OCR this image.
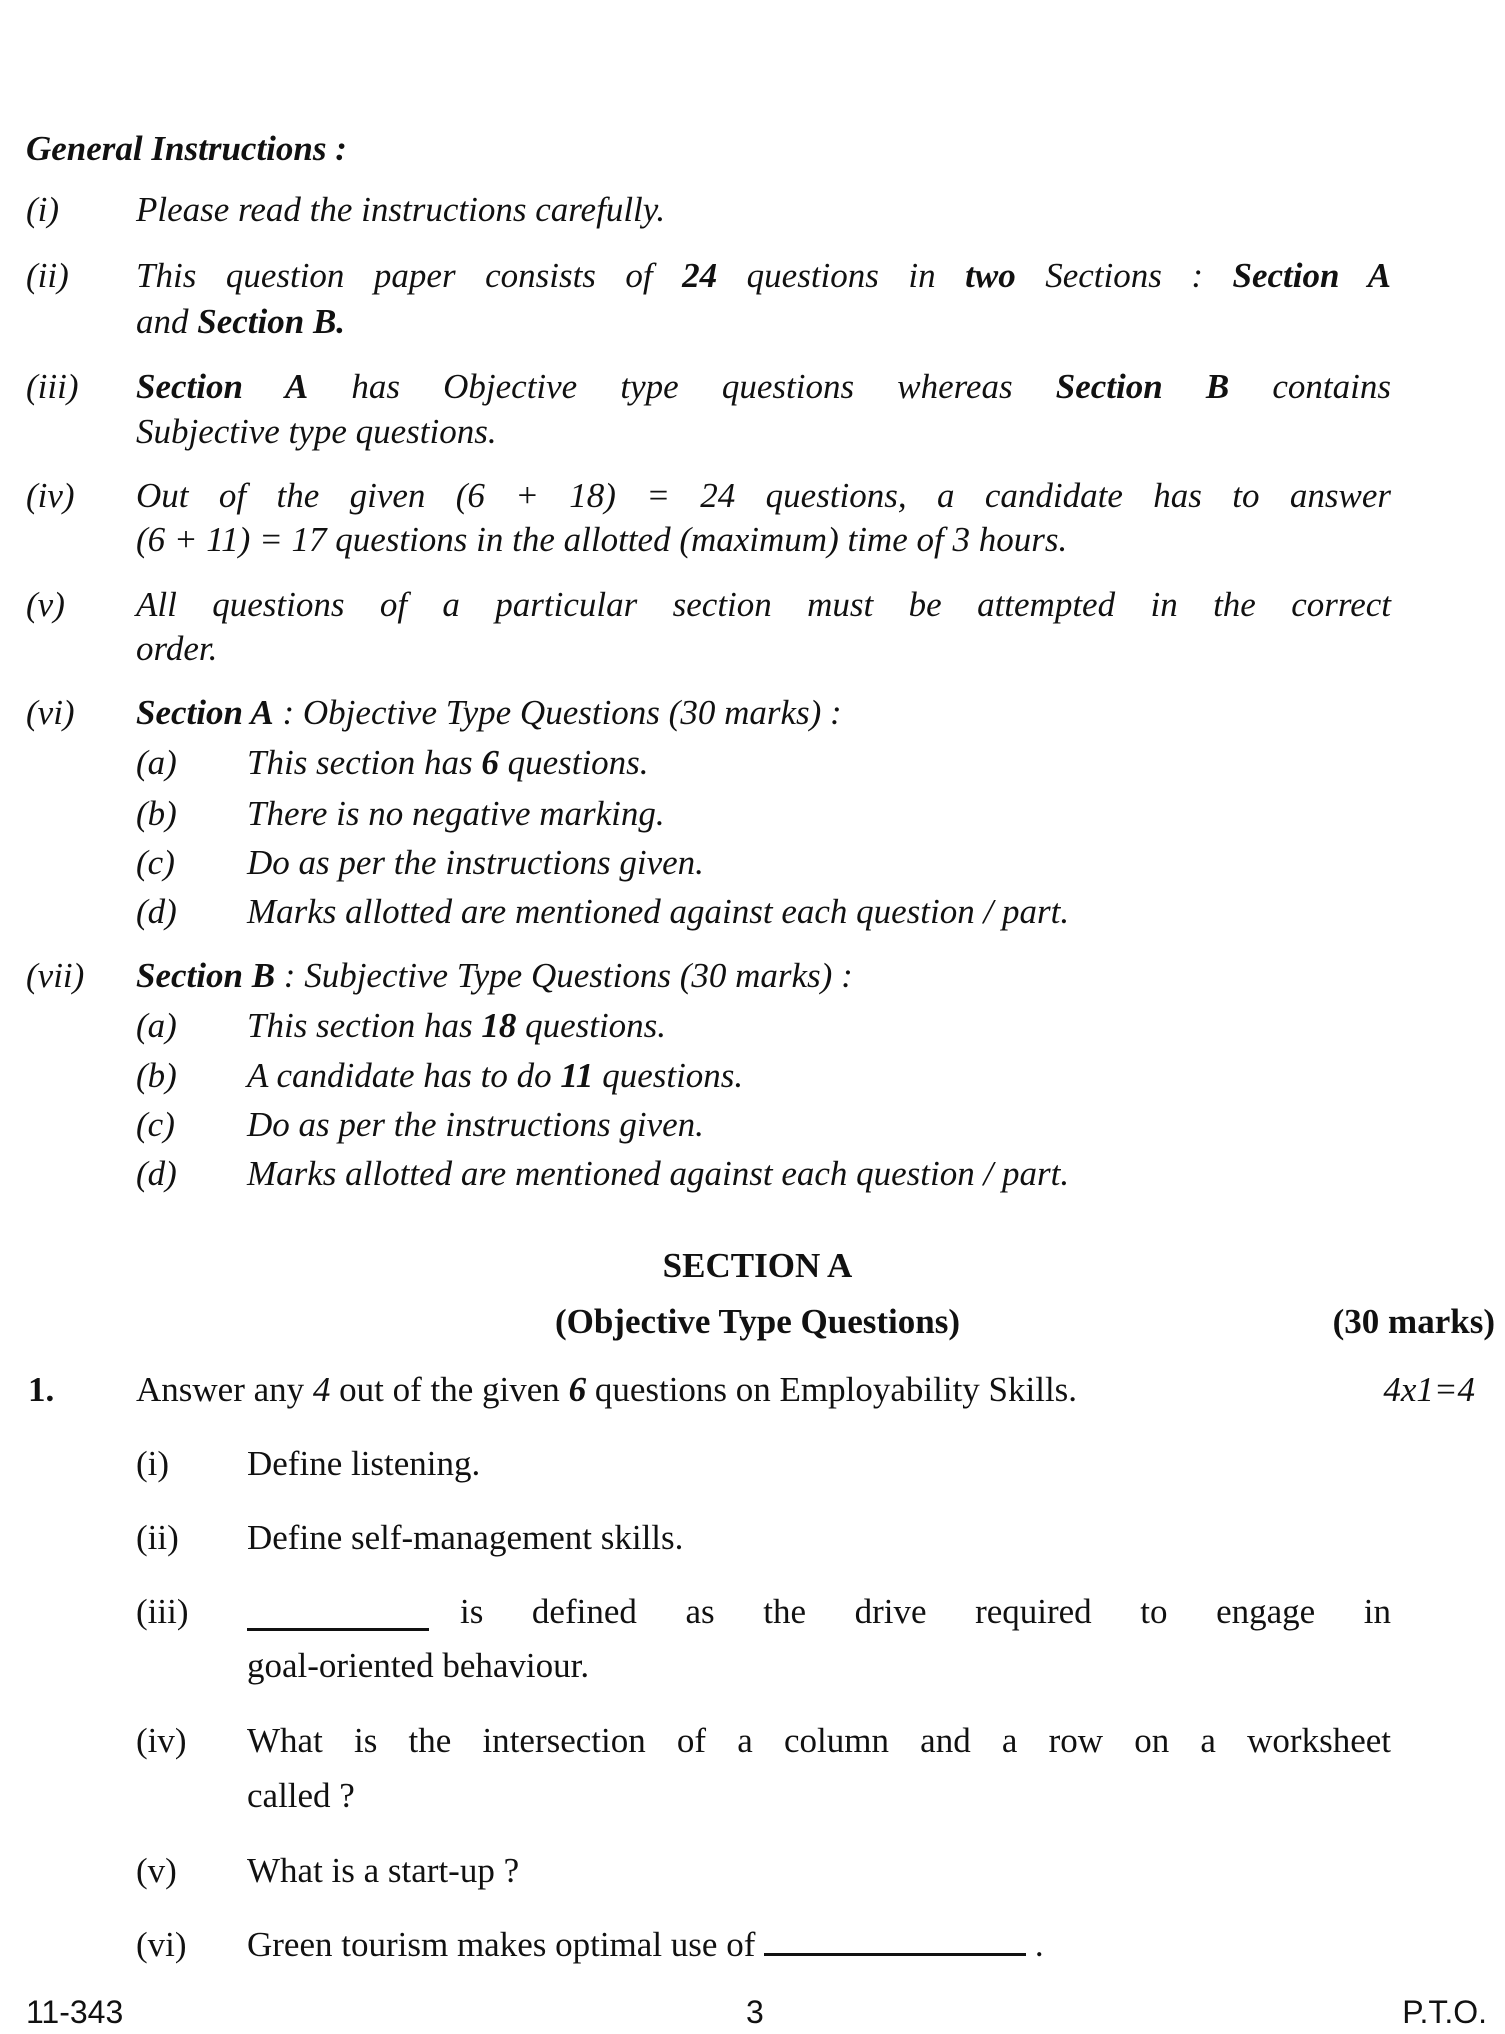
General Instructions :
(i) Please read the instructions carefully.
(ii) This question paper consists of 24 questions in two Sections : Section A
and Section B.
(iii) Section A has Objective type questions whereas Section B contains
Subjective type questions.
(iv) Out of the given (6 + 18) = 24 questions, a candidate has to answer
(6 + 11) = 17 questions in the allotted (maximum) time of 3 hours.
(v) All questions of a particular section must be attempted in the correct
order.
(vi) Section A : Objective Type Questions (30 marks) :
(a) This section has 6 questions.
(b) There is no negative marking.
(c) Do as per the instructions given.
(d) Marks allotted are mentioned against each question / part.
(vii) Section B : Subjective Type Questions (30 marks) :
(a) This section has 18 questions.
(b) A candidate has to do 11 questions.
(c) Do as per the instructions given.
(d) Marks allotted are mentioned against each question / part.
SECTION A
(Objective Type Questions)	(30 marks)
1. Answer any 4 out of the given 6 questions on Employability Skills.	4x1=4
(i) Define listening.
(ii) Define self-management skills.
(iii)	is defined as the drive required to engage in
goal-oriented behaviour.
(iv) What is the intersection of a column and a row on a worksheet
called ?
(v) What is a start-up ?
(vi) Green tourism makes optimal use of	.
11-343	3	P.T.O.
